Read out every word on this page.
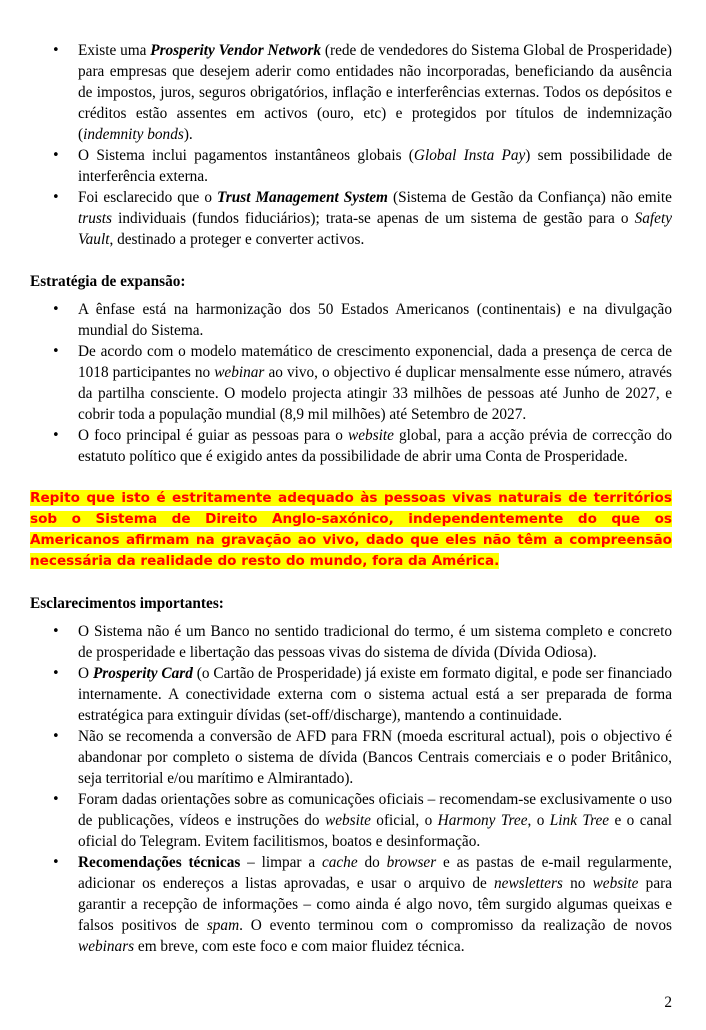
• Existe uma Prosperity Vendor Network (rede de vendedores do Sistema Global de Prosperidade) para empresas que desejem aderir como entidades não incorporadas, beneficiando da ausência de impostos, juros, seguros obrigatórios, inflação e interferências externas. Todos os depósitos e créditos estão assentes em activos (ouro, etc) e protegidos por títulos de indemnização (indemnity bonds).
• O Sistema inclui pagamentos instantâneos globais (Global Insta Pay) sem possibilidade de interferência externa.
• Foi esclarecido que o Trust Management System (Sistema de Gestão da Confiança) não emite trusts individuais (fundos fiduciários); trata-se apenas de um sistema de gestão para o Safety Vault, destinado a proteger e converter activos.

Estratégia de expansão:

• A ênfase está na harmonização dos 50 Estados Americanos (continentais) e na divulgação mundial do Sistema.
• De acordo com o modelo matemático de crescimento exponencial, dada a presença de cerca de 1018 participantes no webinar ao vivo, o objectivo é duplicar mensalmente esse número, através da partilha consciente. O modelo projecta atingir 33 milhões de pessoas até Junho de 2027, e cobrir toda a população mundial (8,9 mil milhões) até Setembro de 2027.
• O foco principal é guiar as pessoas para o website global, para a acção prévia de correcção do estatuto político que é exigido antes da possibilidade de abrir uma Conta de Prosperidade.

Repito que isto é estritamente adequado às pessoas vivas naturais de territórios sob o Sistema de Direito Anglo-saxónico, independentemente do que os Americanos afirmam na gravação ao vivo, dado que eles não têm a compreensão necessária da realidade do resto do mundo, fora da América.

Esclarecimentos importantes:

• O Sistema não é um Banco no sentido tradicional do termo, é um sistema completo e concreto de prosperidade e libertação das pessoas vivas do sistema de dívida (Dívida Odiosa).
• O Prosperity Card (o Cartão de Prosperidade) já existe em formato digital, e pode ser financiado internamente. A conectividade externa com o sistema actual está a ser preparada de forma estratégica para extinguir dívidas (set-off/discharge), mantendo a continuidade.
• Não se recomenda a conversão de AFD para FRN (moeda escritural actual), pois o objectivo é abandonar por completo o sistema de dívida (Bancos Centrais comerciais e o poder Britânico, seja territorial e/ou marítimo e Almirantado).
• Foram dadas orientações sobre as comunicações oficiais – recomendam-se exclusivamente o uso de publicações, vídeos e instruções do website oficial, o Harmony Tree, o Link Tree e o canal oficial do Telegram. Evitem facilitismos, boatos e desinformação.
• Recomendações técnicas – limpar a cache do browser e as pastas de e-mail regularmente, adicionar os endereços a listas aprovadas, e usar o arquivo de newsletters no website para garantir a recepção de informações – como ainda é algo novo, têm surgido algumas queixas e falsos positivos de spam. O evento terminou com o compromisso da realização de novos webinars em breve, com este foco e com maior fluidez técnica.
2
